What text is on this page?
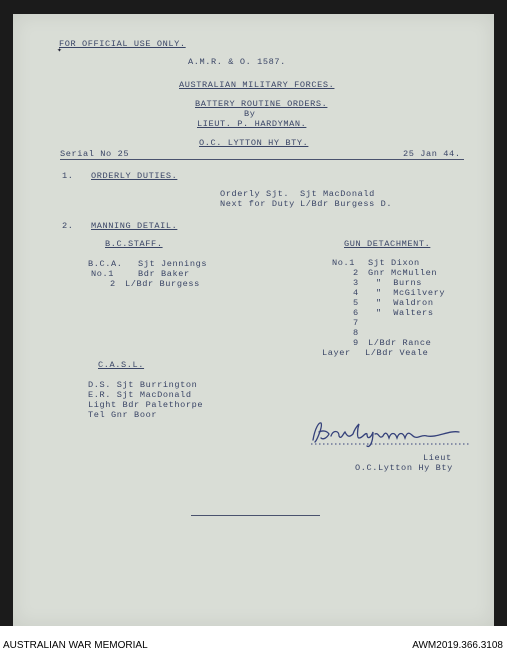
FOR OFFICIAL USE ONLY.
A.M.R. & O. 1587.
AUSTRALIAN MILITARY FORCES.
BATTERY ROUTINE ORDERS.
By
LIEUT. P. HARDYMAN.
O.C. LYTTON HY BTY.
Serial No 25	25 Jan 44.
1. ORDERLY DUTIES.
Orderly Sjt. Sjt MacDonald
Next for Duty L/Bdr Burgess D.
2. MANNING DETAIL.
B.C.STAFF.
B.C.A. Sjt Jennings
No.1	Bdr Baker
2 L/Bdr Burgess
GUN DETACHMENT.
No.1 Sjt Dixon
2 Gnr McMullen
3 "  Burns
4 "  McGilvery
5 "  Waldron
6 "  Walters
7
8
9 L/Bdr Rance
Layer L/Bdr Veale
C.A.S.L.
D.S. Sjt Burrington
E.R. Sjt MacDonald
Light Bdr Palethorpe
Tel Gnr Boor
Lieut
O.C.Lytton Hy Bty
✦
AUSTRALIAN WAR MEMORIAL	AWM2019.366.3108
